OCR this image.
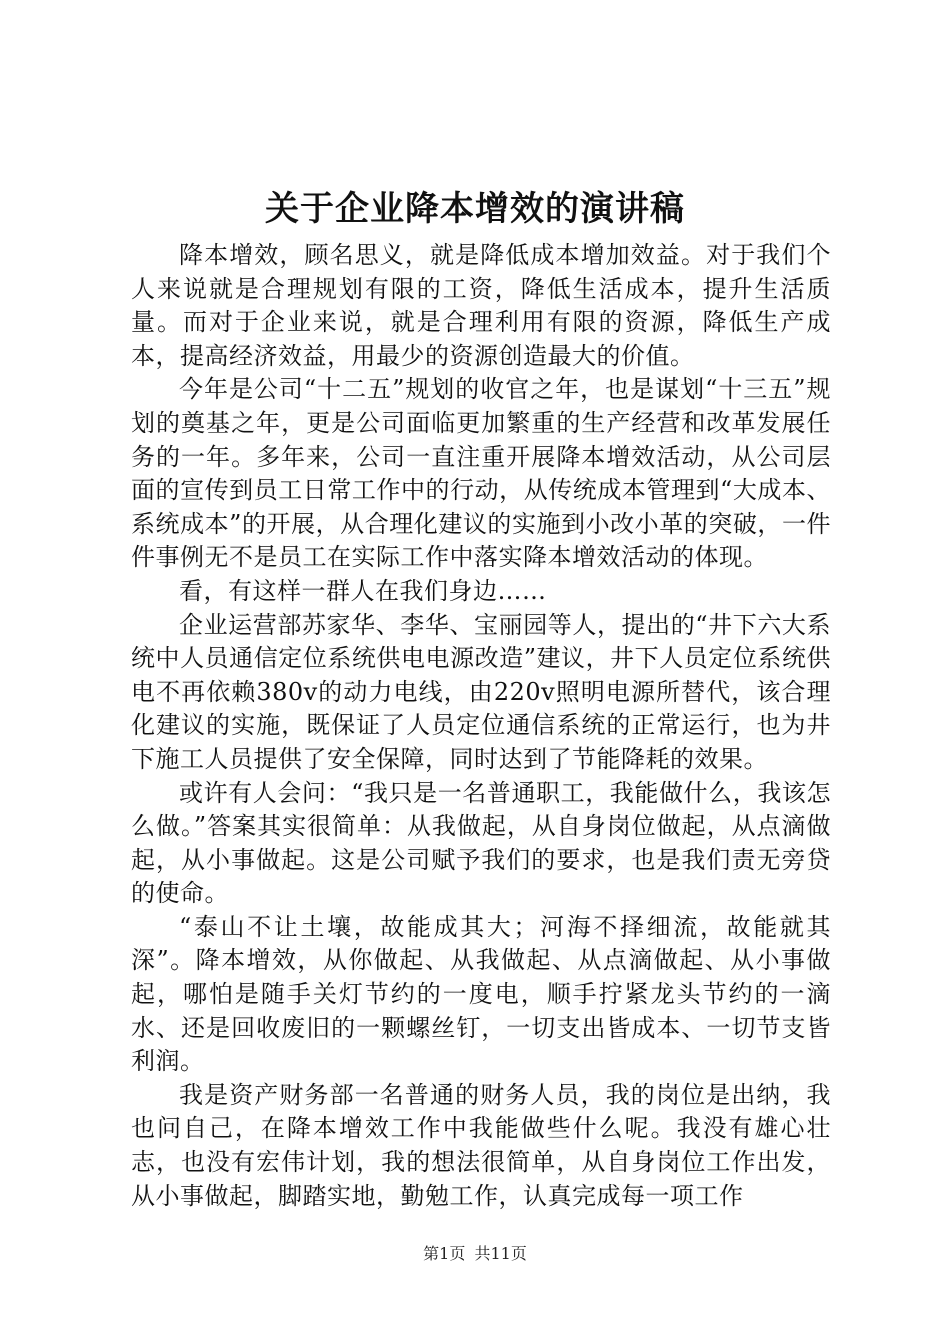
关于企业降本增效的演讲稿

降本增效，顾名思义，就是降低成本增加效益。对于我们个人来说就是合理规划有限的工资，降低生活成本，提升生活质量。而对于企业来说，就是合理利用有限的资源，降低生产成本，提高经济效益，用最少的资源创造最大的价值。

今年是公司“十二五”规划的收官之年，也是谋划“十三五”规划的奠基之年，更是公司面临更加繁重的生产经营和改革发展任务的一年。多年来，公司一直注重开展降本增效活动，从公司层面的宣传到员工日常工作中的行动，从传统成本管理到“大成本、系统成本”的开展，从合理化建议的实施到小改小革的突破，一件件事例无不是员工在实际工作中落实降本增效活动的体现。

看，有这样一群人在我们身边……

企业运营部苏家华、李华、宝丽园等人，提出的“井下六大系统中人员通信定位系统供电电源改造”建议，井下人员定位系统供电不再依赖380v的动力电线，由220v照明电源所替代，该合理化建议的实施，既保证了人员定位通信系统的正常运行，也为井下施工人员提供了安全保障，同时达到了节能降耗的效果。

或许有人会问：“我只是一名普通职工，我能做什么，我该怎么做。”答案其实很简单：从我做起，从自身岗位做起，从点滴做起，从小事做起。这是公司赋予我们的要求，也是我们责无旁贷的使命。

“泰山不让土壤，故能成其大；河海不择细流，故能就其深”。降本增效，从你做起、从我做起、从点滴做起、从小事做起，哪怕是随手关灯节约的一度电，顺手拧紧龙头节约的一滴水、还是回收废旧的一颗螺丝钉，一切支出皆成本、一切节支皆利润。

我是资产财务部一名普通的财务人员，我的岗位是出纳，我也问自己，在降本增效工作中我能做些什么呢。我没有雄心壮志，也没有宏伟计划，我的想法很简单，从自身岗位工作出发，从小事做起，脚踏实地，勤勉工作，认真完成每一项工作

第1页 共11页
